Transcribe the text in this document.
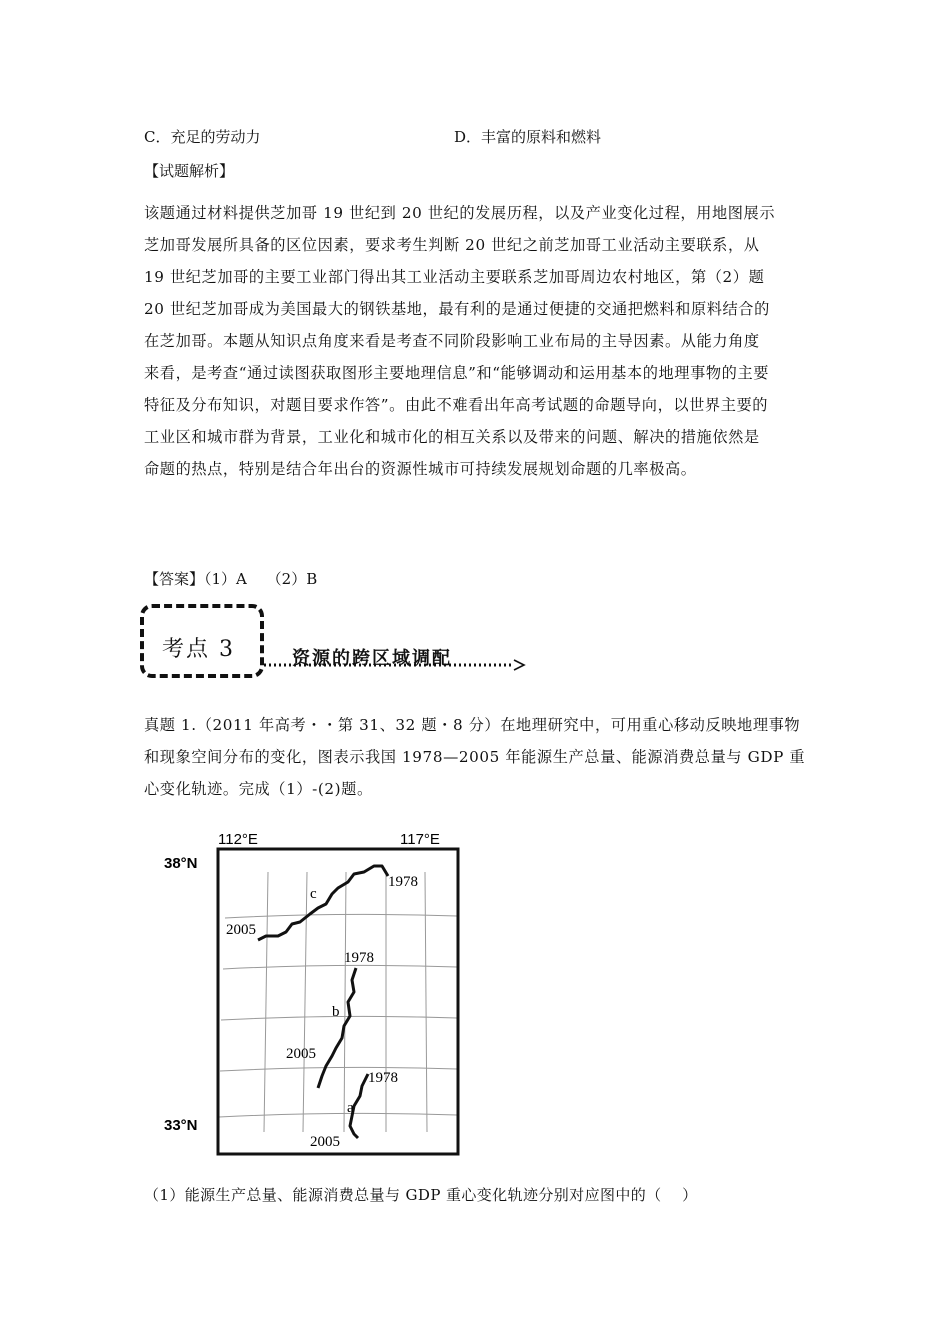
C．充足的劳动力	D．丰富的原料和燃料
【试题解析】

该题通过材料提供芝加哥 19 世纪到 20 世纪的发展历程，以及产业变化过程，用地图展示

芝加哥发展所具备的区位因素，要求考生判断 20 世纪之前芝加哥工业活动主要联系，从

19 世纪芝加哥的主要工业部门得出其工业活动主要联系芝加哥周边农村地区，第（2）题

20 世纪芝加哥成为美国最大的钢铁基地，最有利的是通过便捷的交通把燃料和原料结合的

在芝加哥。本题从知识点角度来看是考查不同阶段影响工业布局的主导因素。从能力角度

来看，是考查“通过读图获取图形主要地理信息”和“能够调动和运用基本的地理事物的主要

特征及分布知识，对题目要求作答”。由此不难看出年高考试题的命题导向，以世界主要的

工业区和城市群为背景，工业化和城市化的相互关系以及带来的问题、解决的措施依然是

命题的热点，特别是结合年出台的资源性城市可持续发展规划命题的几率极高。

【答案】（1）A　 （2）B
考点 3	资源的跨区域调配

真题 1.（2011 年高考・・第 31、32 题・8 分）在地理研究中，可用重心移动反映地理事物

和现象空间分布的变化，图表示我国 1978—2005 年能源生产总量、能源消费总量与 GDP 重

心变化轨迹。完成（1）-(2)题。

112°E	117°E
38°N
33°N
c
1978
2005
b
1978
2005
a
1978
2005
（1）能源生产总量、能源消费总量与 GDP 重心变化轨迹分别对应图中的（　 ）
